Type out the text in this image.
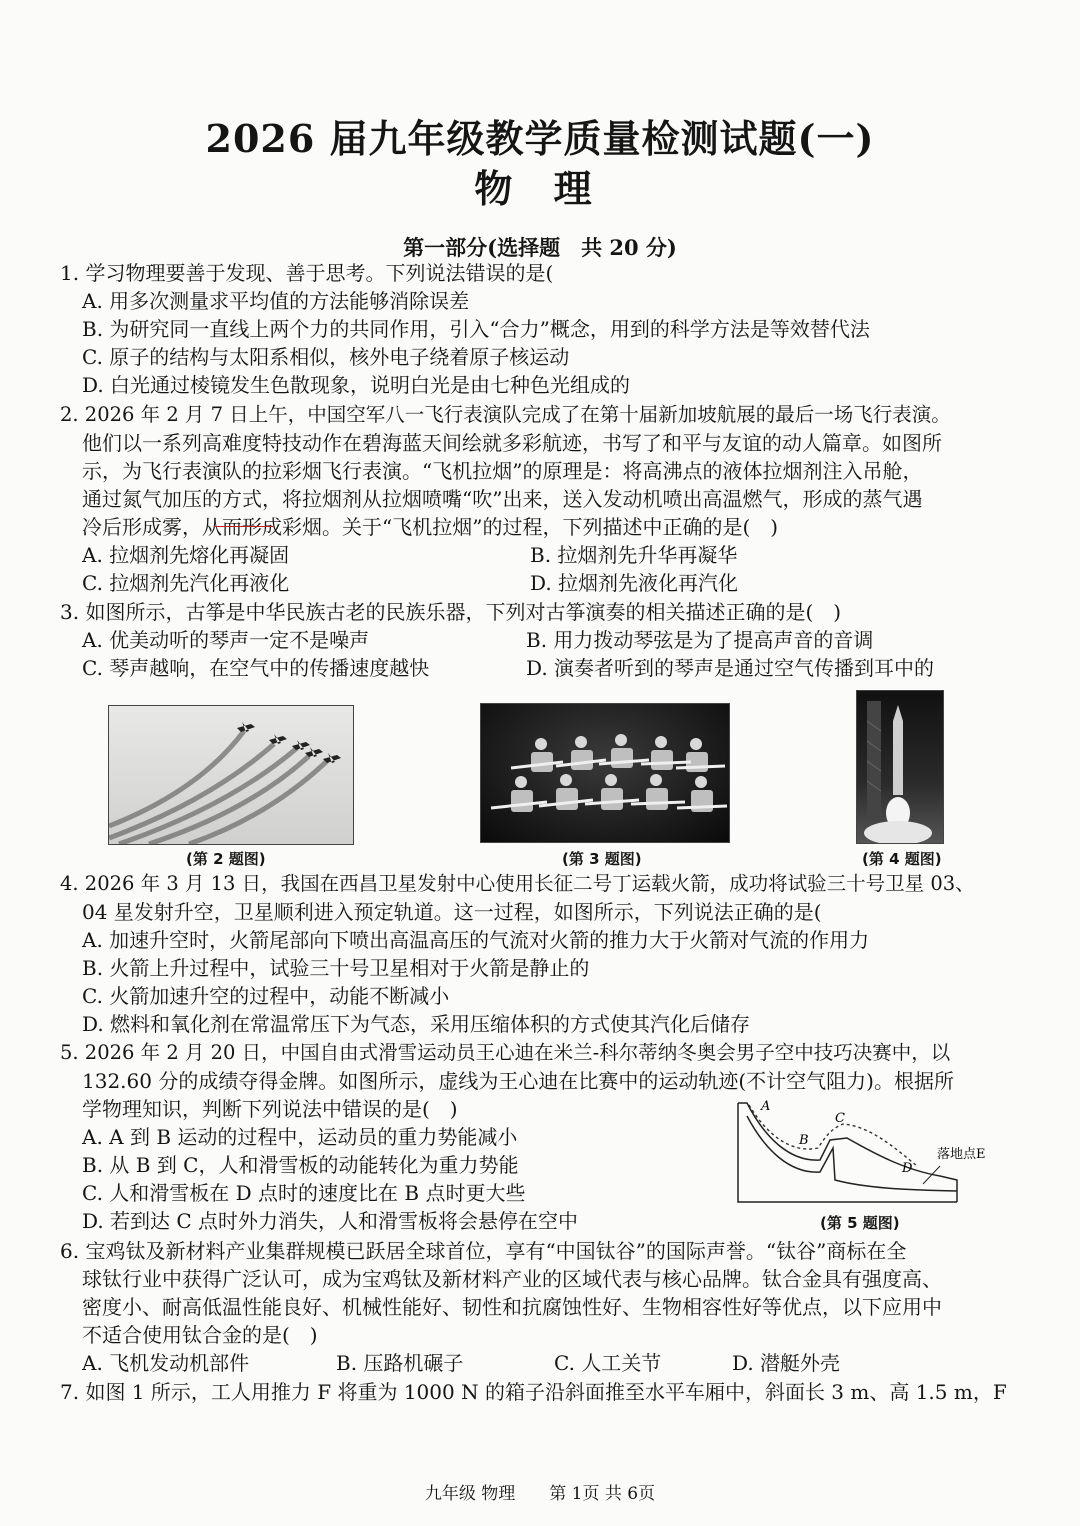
2026 届九年级教学质量检测试题(一)
物 理
第一部分(选择题　共 20 分)
1. 学习物理要善于发现、善于思考。下列说法错误的是(
A. 用多次测量求平均值的方法能够消除误差
B. 为研究同一直线上两个力的共同作用，引入“合力”概念，用到的科学方法是等效替代法
C. 原子的结构与太阳系相似，核外电子绕着原子核运动
D. 白光通过棱镜发生色散现象，说明白光是由七种色光组成的
2. 2026 年 2 月 7 日上午，中国空军八一飞行表演队完成了在第十届新加坡航展的最后一场飞行表演。
他们以一系列高难度特技动作在碧海蓝天间绘就多彩航迹，书写了和平与友谊的动人篇章。如图所
示，为飞行表演队的拉彩烟飞行表演。“飞机拉烟”的原理是：将高沸点的液体拉烟剂注入吊舱，
通过氮气加压的方式，将拉烟剂从拉烟喷嘴“吹”出来，送入发动机喷出高温燃气，形成的蒸气遇
冷后形成雾，从而形成彩烟。关于“飞机拉烟”的过程，下列描述中正确的是(　)
A. 拉烟剂先熔化再凝固	B. 拉烟剂先升华再凝华
C. 拉烟剂先汽化再液化	D. 拉烟剂先液化再汽化
3. 如图所示，古筝是中华民族古老的民族乐器，下列对古筝演奏的相关描述正确的是(　)
A. 优美动听的琴声一定不是噪声	B. 用力拨动琴弦是为了提高声音的音调
C. 琴声越响，在空气中的传播速度越快	D. 演奏者听到的琴声是通过空气传播到耳中的
(第 2 题图)	(第 3 题图)	(第 4 题图)
4. 2026 年 3 月 13 日，我国在西昌卫星发射中心使用长征二号丁运载火箭，成功将试验三十号卫星 03、
04 星发射升空，卫星顺利进入预定轨道。这一过程，如图所示，下列说法正确的是(
A. 加速升空时，火箭尾部向下喷出高温高压的气流对火箭的推力大于火箭对气流的作用力
B. 火箭上升过程中，试验三十号卫星相对于火箭是静止的
C. 火箭加速升空的过程中，动能不断减小
D. 燃料和氧化剂在常温常压下为气态，采用压缩体积的方式使其汽化后储存
5. 2026 年 2 月 20 日，中国自由式滑雪运动员王心迪在米兰-科尔蒂纳冬奥会男子空中技巧决赛中，以
132.60 分的成绩夺得金牌。如图所示，虚线为王心迪在比赛中的运动轨迹(不计空气阻力)。根据所
学物理知识，判断下列说法中错误的是(　)
A. A 到 B 运动的过程中，运动员的重力势能减小
B. 从 B 到 C，人和滑雪板的动能转化为重力势能
C. 人和滑雪板在 D 点时的速度比在 B 点时更大些
D. 若到达 C 点时外力消失，人和滑雪板将会悬停在空中
A
B
C
D
落地点E
(第 5 题图)
6. 宝鸡钛及新材料产业集群规模已跃居全球首位，享有“中国钛谷”的国际声誉。“钛谷”商标在全
球钛行业中获得广泛认可，成为宝鸡钛及新材料产业的区域代表与核心品牌。钛合金具有强度高、
密度小、耐高低温性能良好、机械性能好、韧性和抗腐蚀性好、生物相容性好等优点，以下应用中
不适合使用钛合金的是(　)
A. 飞机发动机部件	B. 压路机碾子	C. 人工关节	D. 潜艇外壳
7. 如图 1 所示，工人用推力 F 将重为 1000 N 的箱子沿斜面推至水平车厢中，斜面长 3 m、高 1.5 m，F
九年级 物理　　第 1页 共 6页
